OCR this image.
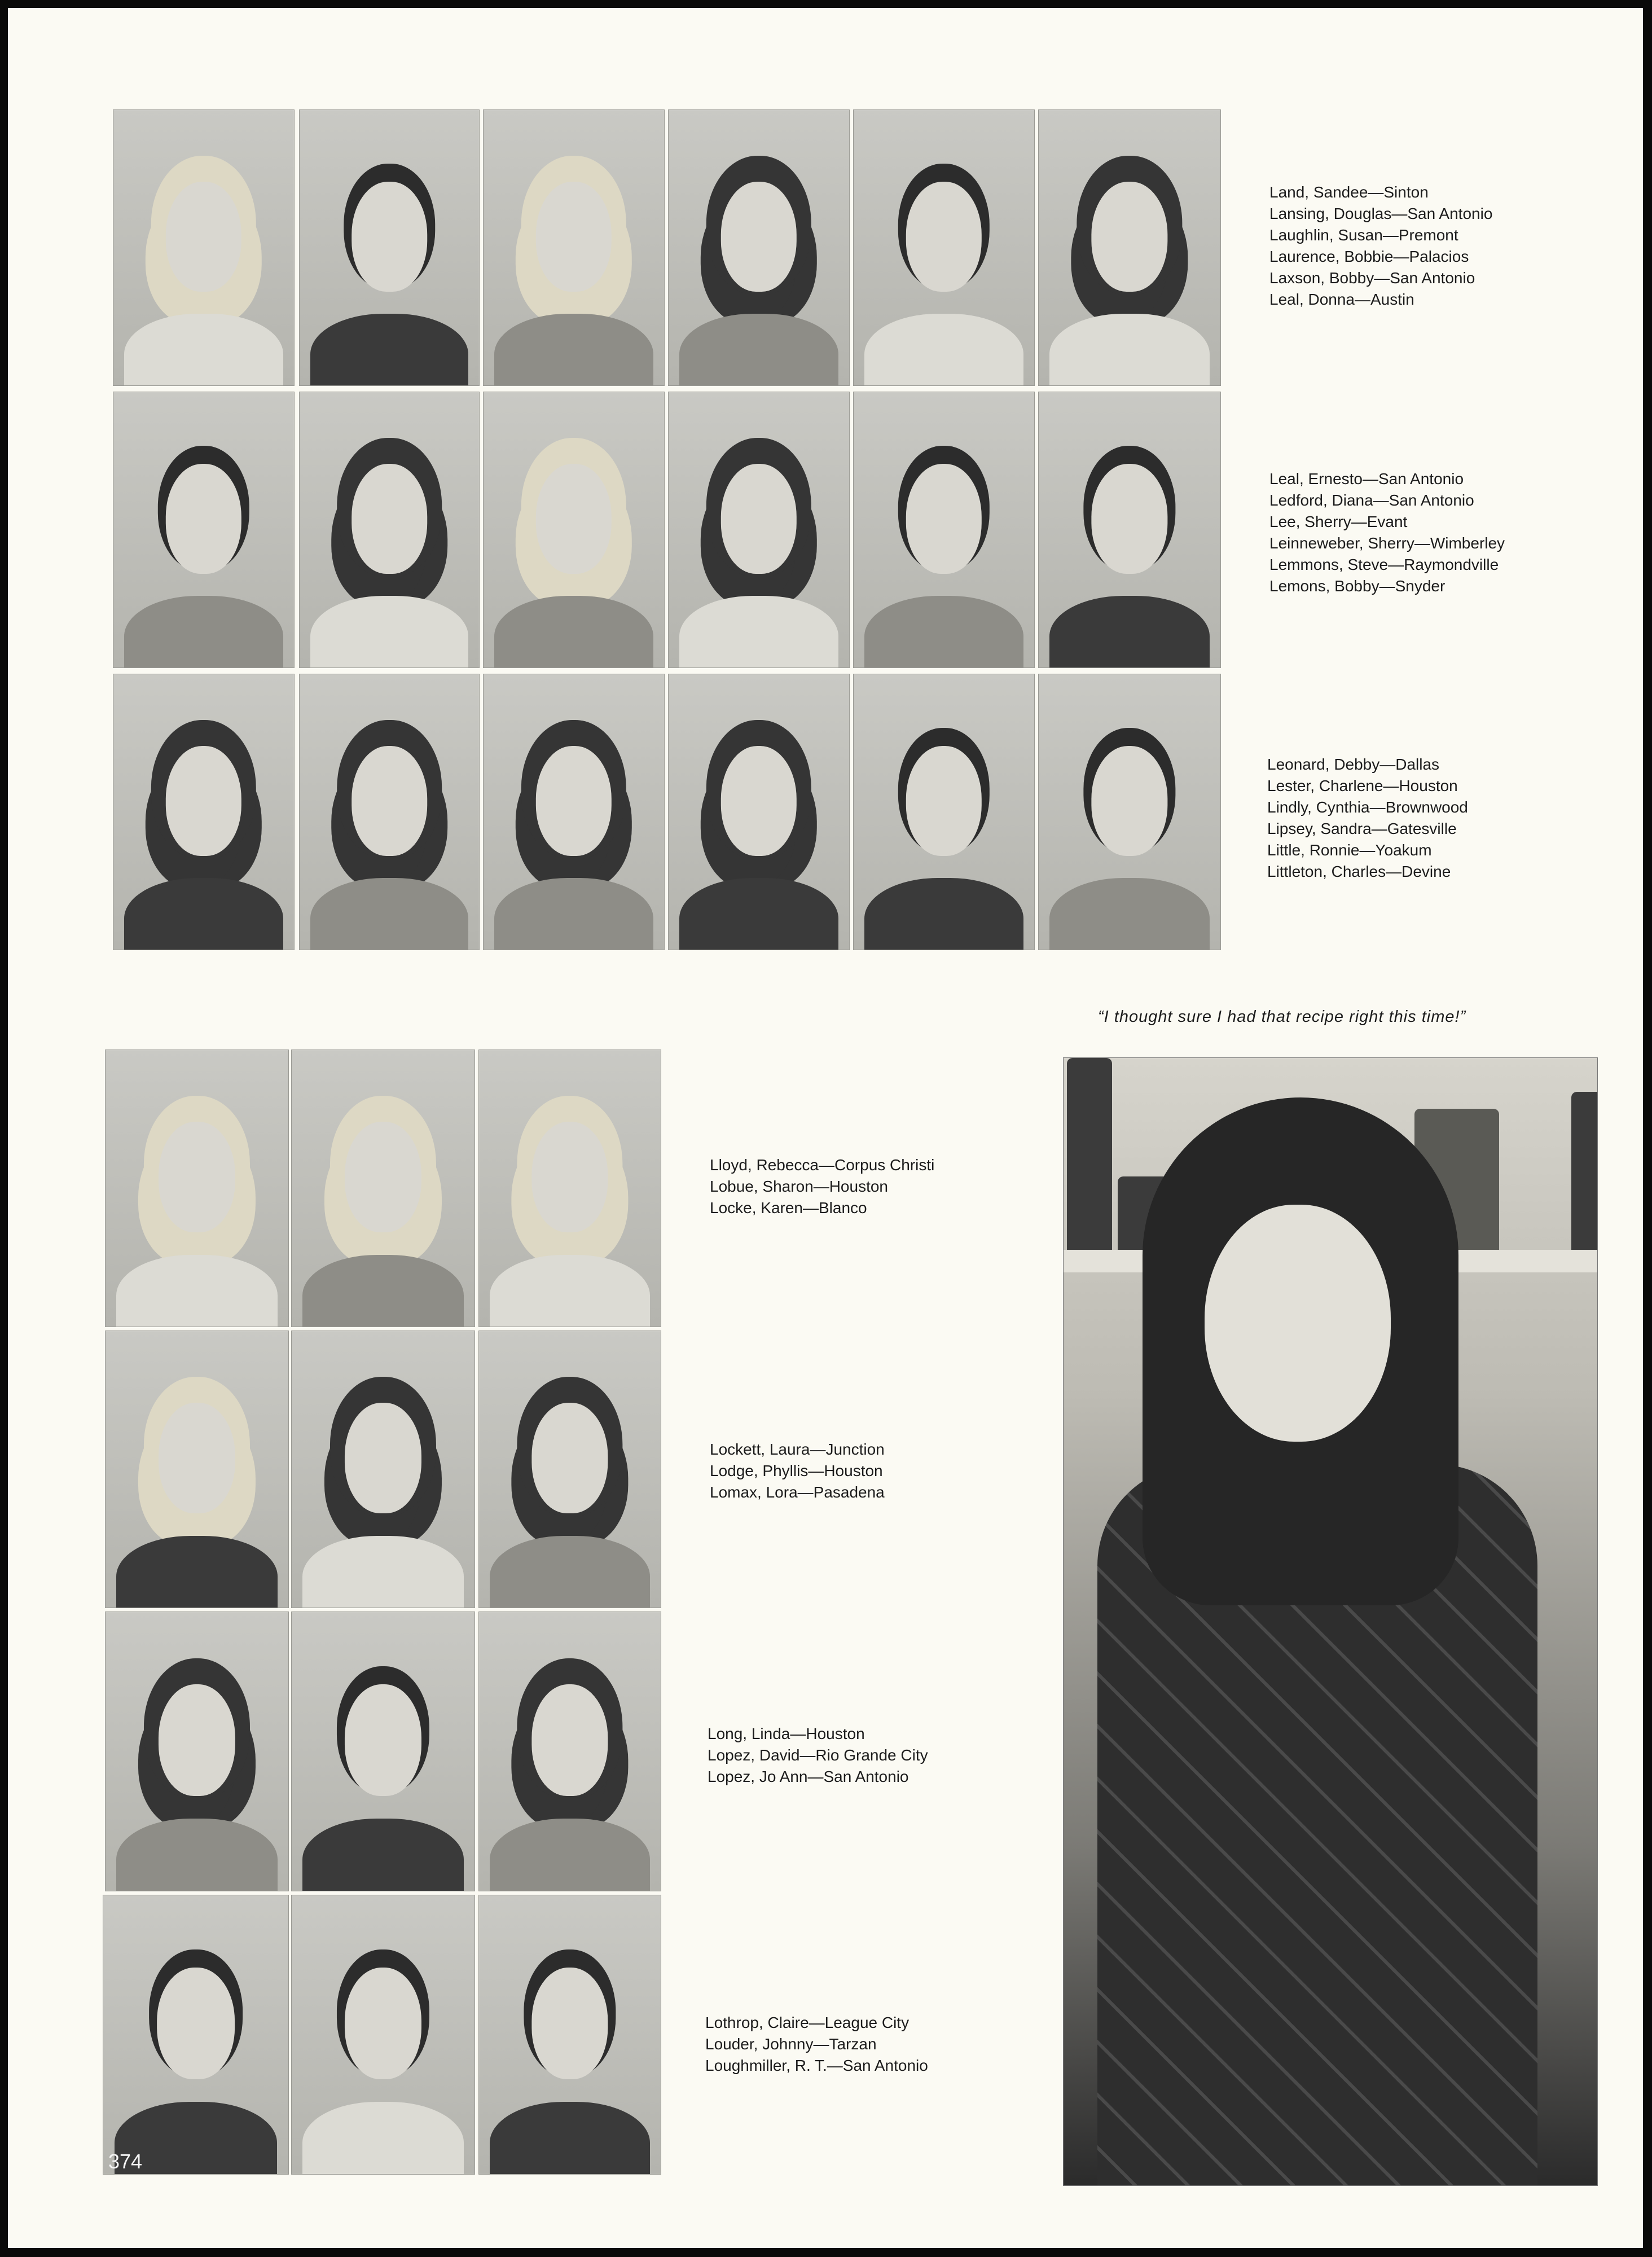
Land, Sandee—Sinton
Lansing, Douglas—San Antonio
Laughlin, Susan—Premont
Laurence, Bobbie—Palacios
Laxson, Bobby—San Antonio
Leal, Donna—Austin
Leal, Ernesto—San Antonio
Ledford, Diana—San Antonio
Lee, Sherry—Evant
Leinneweber, Sherry—Wimberley
Lemmons, Steve—Raymondville
Lemons, Bobby—Snyder
Leonard, Debby—Dallas
Lester, Charlene—Houston
Lindly, Cynthia—Brownwood
Lipsey, Sandra—Gatesville
Little, Ronnie—Yoakum
Littleton, Charles—Devine
“I thought sure I had that recipe right this time!”
Lloyd, Rebecca—Corpus Christi
Lobue, Sharon—Houston
Locke, Karen—Blanco
Lockett, Laura—Junction
Lodge, Phyllis—Houston
Lomax, Lora—Pasadena
Long, Linda—Houston
Lopez, David—Rio Grande City
Lopez, Jo Ann—San Antonio
Lothrop, Claire—League City
Louder, Johnny—Tarzan
Loughmiller, R. T.—San Antonio
374
